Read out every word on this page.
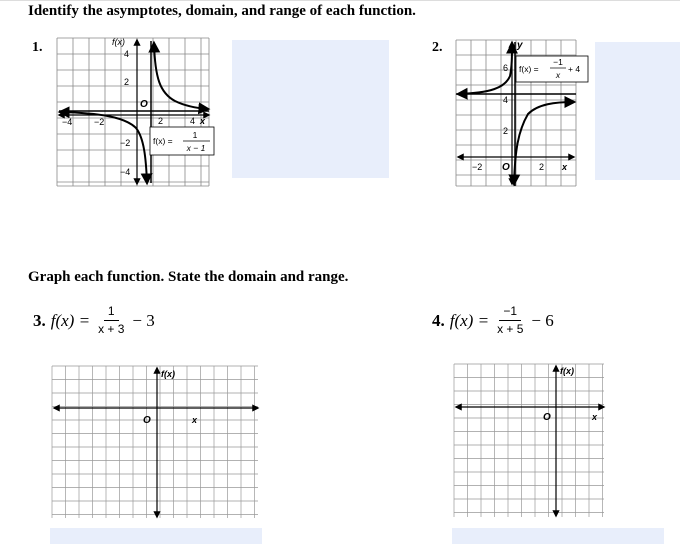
Identify the asymptotes, domain, and range of each function.
1.	f(x)
4
2
−2
−4
O
2	4 x
−2
−4
f(x) =
1
x − 1
2.	y
6
4
2
−2 O	2 x
f(x) =
−1
x
+ 4
Graph each function. State the domain and range.
3. $f(x) = \frac{1}{x + 3} - 3$
f(x)
O	x
4. $f(x) = \frac{-1}{x + 5} - 6$
f(x)
O	x
